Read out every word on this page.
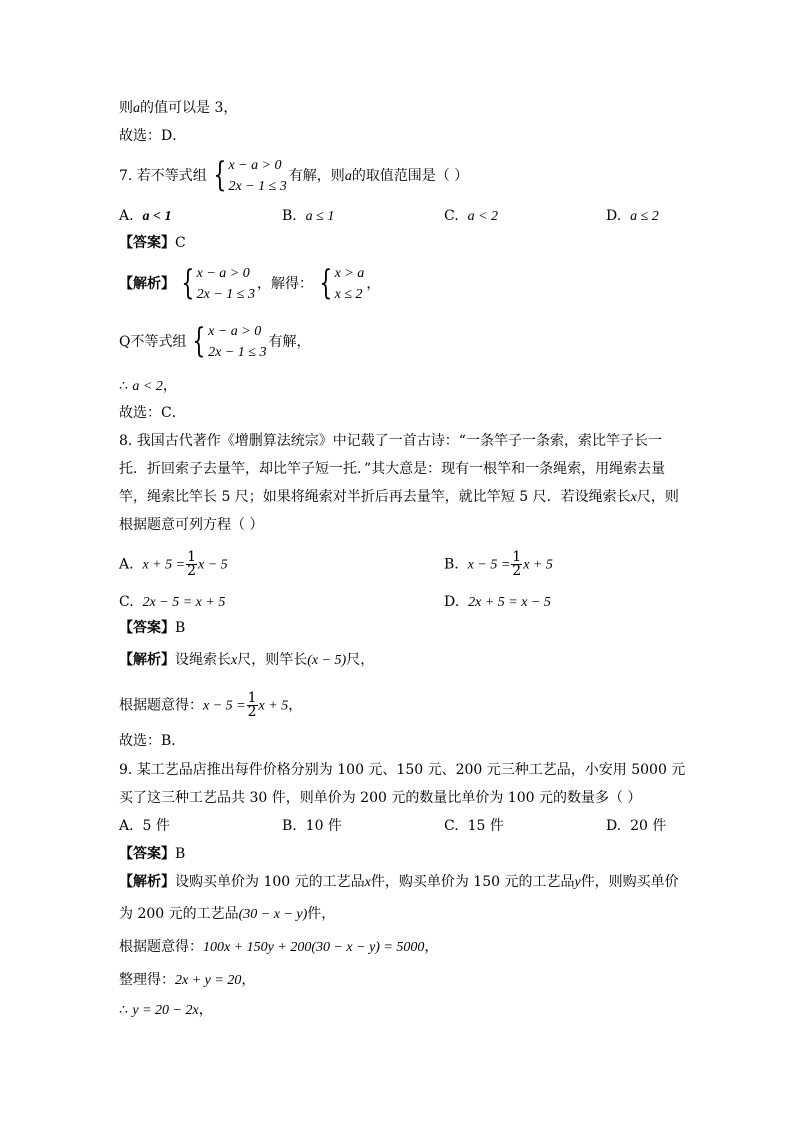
则a的值可以是 3，
故选：D．
7. 若不等式组 { x − a > 0
2x − 1 ≤ 3
有解，则a的取值范围是（ ）
A. a < 1	B. a ≤ 1	C. a < 2	D. a ≤ 2
【答案】C
【解析】 { x − a > 0
2x − 1 ≤ 3
，解得： { x > a
x ≤ 2
，
Q不等式组 { x − a > 0
2x − 1 ≤ 3
有解，
∴ a < 2，
故选：C．
8. 我国古代著作《增删算法统宗》中记载了一首古诗：“一条竿子一条索，索比竿子长一
托．折回索子去量竿，却比竿子短一托．”其大意是：现有一根竿和一条绳索，用绳索去量
竿，绳索比竿长 5 尺；如果将绳索对半折后再去量竿，就比竿短 5 尺．若设绳索长x尺，则
根据题意可列方程（ ）
A. $x + 5 = \frac{1}{2}$ x − 5	B. $x - 5 = \frac{1}{2}$ x + 5
C. 2x − 5 = x + 5	D. 2x + 5 = x − 5
【答案】B
【解析】设绳索长x尺，则竿长(x − 5)尺，
根据题意得：$x - 5 = \frac{1}{2}$ x + 5，
故选：B．
9. 某工艺品店推出每件价格分别为 100 元、150 元、200 元三种工艺品，小安用 5000 元
买了这三种工艺品共 30 件，则单价为 200 元的数量比单价为 100 元的数量多（ ）
A. 5 件	B. 10 件	C. 15 件	D. 20 件
【答案】B
【解析】设购买单价为 100 元的工艺品x件，购买单价为 150 元的工艺品y件，则购买单价
为 200 元的工艺品(30 − x − y)件，
根据题意得：100x + 150y + 200(30 − x − y) = 5000，
整理得：2x + y = 20，
∴ y = 20 − 2x，
